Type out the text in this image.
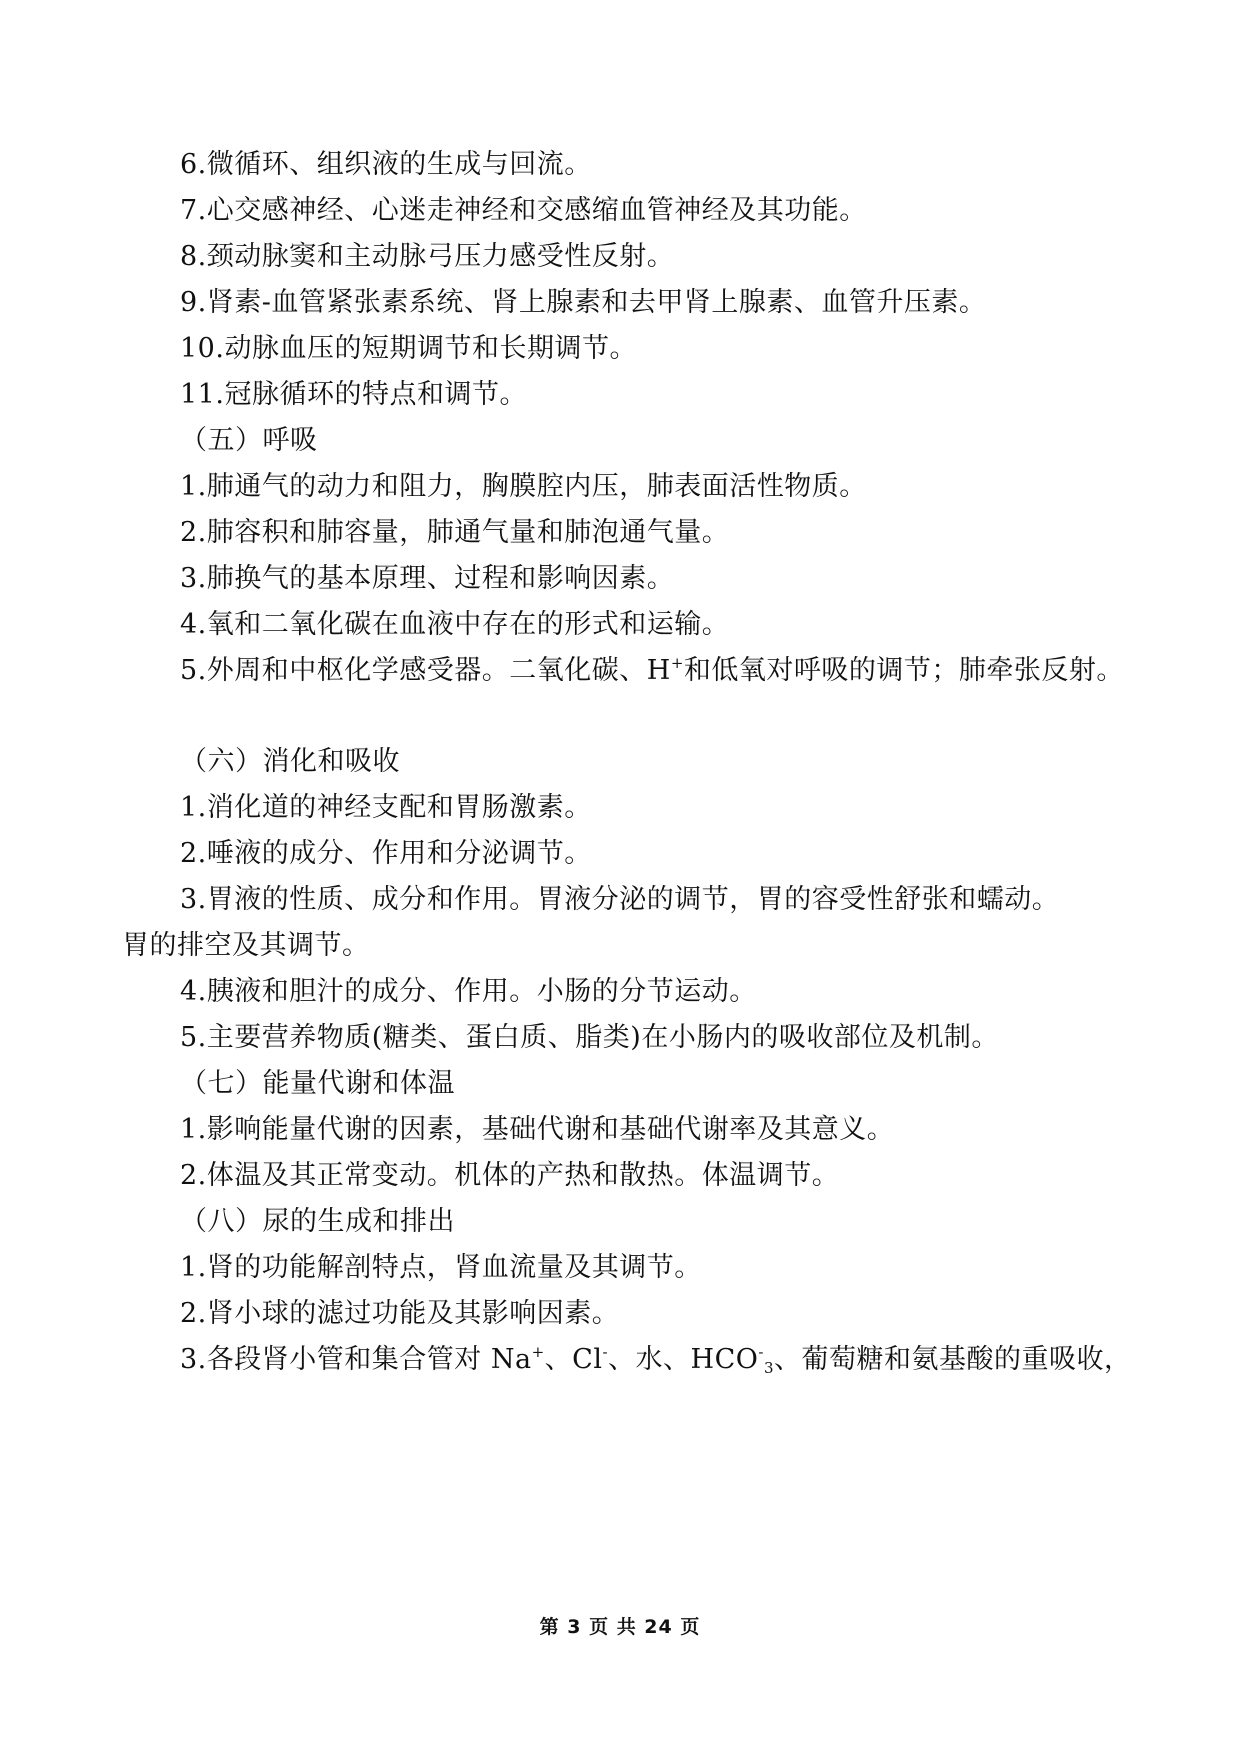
6.微循环、组织液的生成与回流。
7.心交感神经、心迷走神经和交感缩血管神经及其功能。
8.颈动脉窦和主动脉弓压力感受性反射。
9.肾素-血管紧张素系统、肾上腺素和去甲肾上腺素、血管升压素。
10.动脉血压的短期调节和长期调节。
11.冠脉循环的特点和调节。
（五）呼吸
1.肺通气的动力和阻力，胸膜腔内压，肺表面活性物质。
2.肺容积和肺容量，肺通气量和肺泡通气量。
3.肺换气的基本原理、过程和影响因素。
4.氧和二氧化碳在血液中存在的形式和运输。
5.外周和中枢化学感受器。二氧化碳、H+和低氧对呼吸的调节；肺牵张反射。
（六）消化和吸收
1.消化道的神经支配和胃肠激素。
2.唾液的成分、作用和分泌调节。
3.胃液的性质、成分和作用。胃液分泌的调节，胃的容受性舒张和蠕动。
胃的排空及其调节。
4.胰液和胆汁的成分、作用。小肠的分节运动。
5.主要营养物质(糖类、蛋白质、脂类)在小肠内的吸收部位及机制。
（七）能量代谢和体温
1.影响能量代谢的因素，基础代谢和基础代谢率及其意义。
2.体温及其正常变动。机体的产热和散热。体温调节。
（八）尿的生成和排出
1.肾的功能解剖特点，肾血流量及其调节。
2.肾小球的滤过功能及其影响因素。
3.各段肾小管和集合管对 Na+、Cl-、水、$HCO^-_3$、葡萄糖和氨基酸的重吸收，
第 3 页 共 24 页
